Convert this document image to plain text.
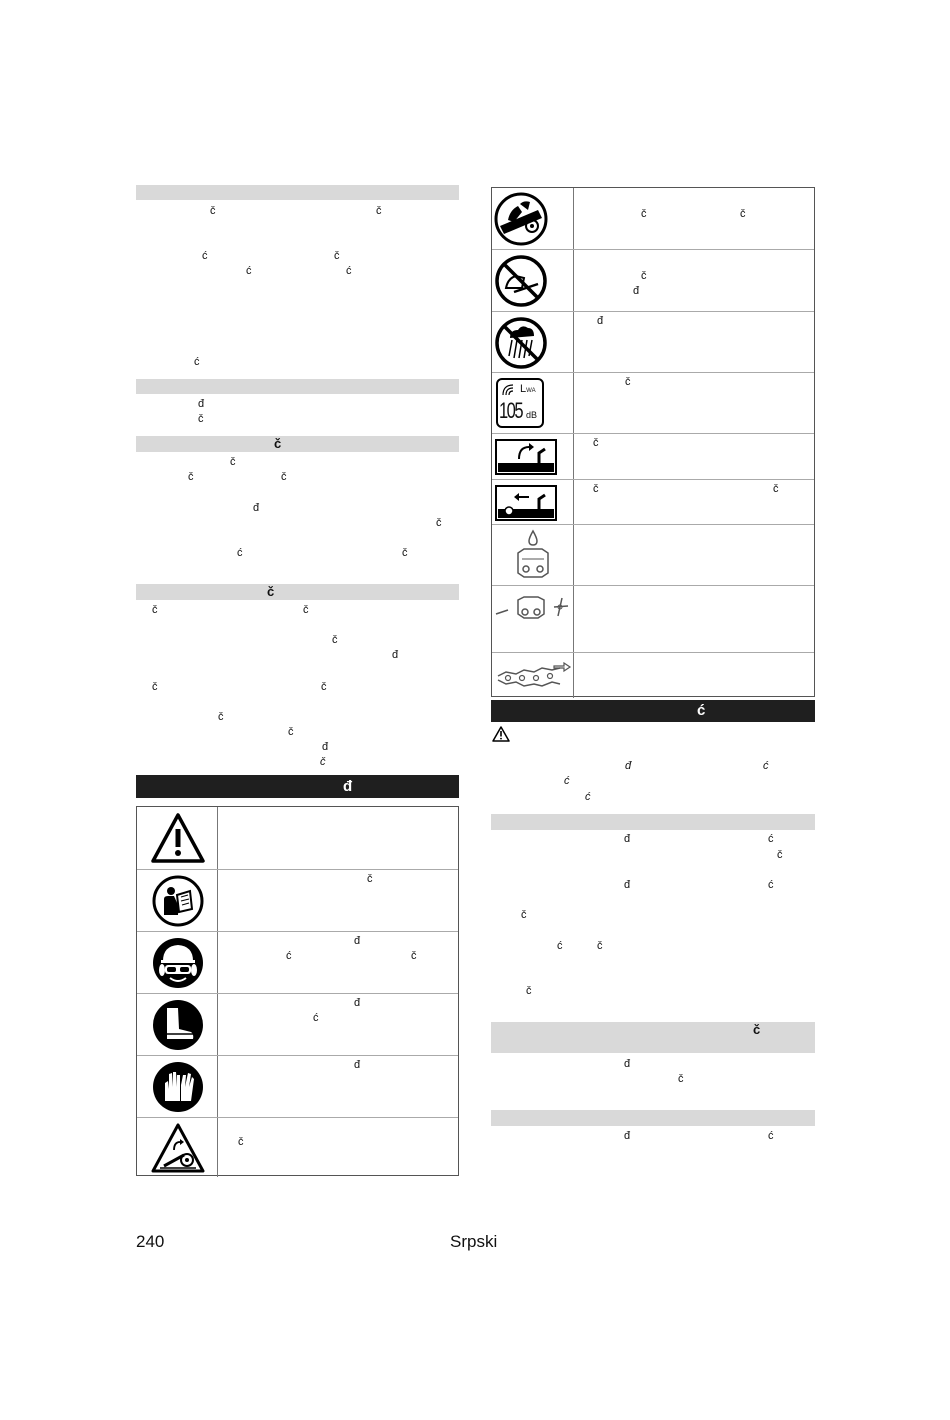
č	č
ć	č
ć	ć
ć
đ
č
č
č
č	č
đ
č
ć	č
č
č	č
č
đ
č	č
č
č
đ
č
đ
č
đ
ć	č
đ
ć
đ
č
č	č
č
đ
đ
LWA
105 dB
č
č
č	č
ć
đ	ć
ć
ć
đ	ć
č
đ	ć
č
ć	č
č
č
đ
č
đ	ć
240	Srpski
